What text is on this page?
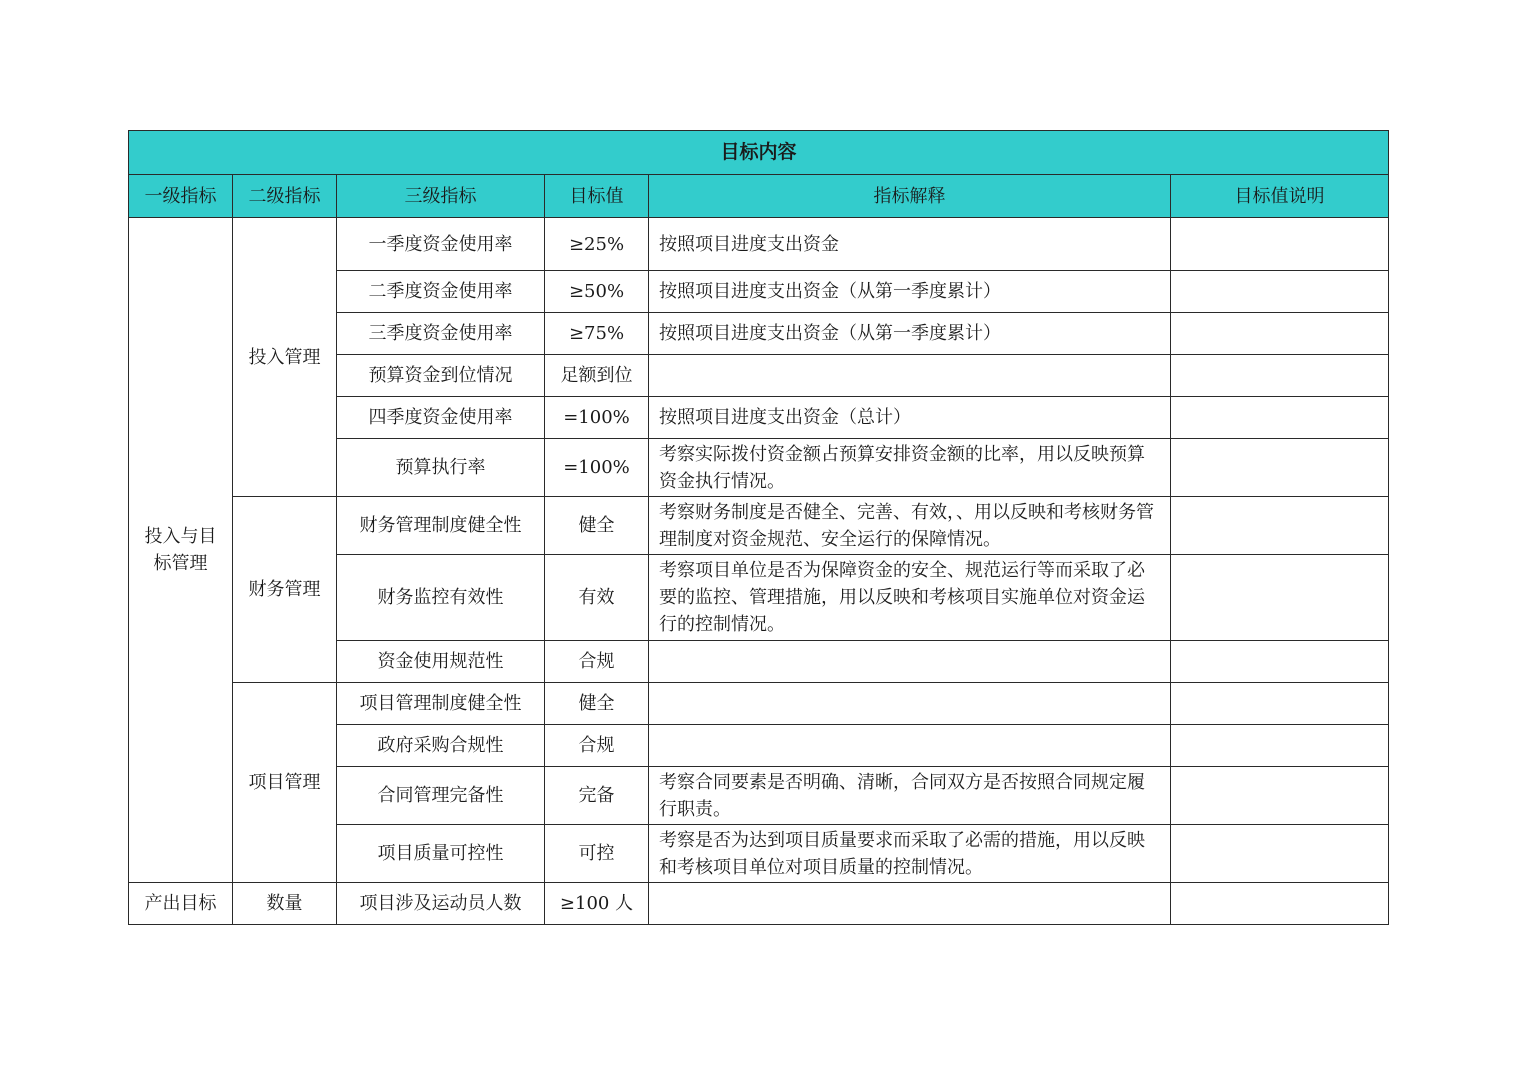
目标内容					
一级指标	二级指标	三级指标	目标值	指标解释	目标值说明
投入与目标管理	投入管理	一季度资金使用率	≥25%	按照项目进度支出资金	
		二季度资金使用率	≥50%	按照项目进度支出资金（从第一季度累计）	
		三季度资金使用率	≥75%	按照项目进度支出资金（从第一季度累计）	
		预算资金到位情况	足额到位		
		四季度资金使用率	=100%	按照项目进度支出资金（总计）	
		预算执行率	=100%	考察实际拨付资金额占预算安排资金额的比率，用以反映预算资金执行情况。	
	财务管理	财务管理制度健全性	健全	考察财务制度是否健全、完善、有效，、用以反映和考核财务管理制度对资金规范、安全运行的保障情况。	
		财务监控有效性	有效	考察项目单位是否为保障资金的安全、规范运行等而采取了必要的监控、管理措施，用以反映和考核项目实施单位对资金运行的控制情况。	
		资金使用规范性	合规		
	项目管理	项目管理制度健全性	健全		
		政府采购合规性	合规		
		合同管理完备性	完备	考察合同要素是否明确、清晰，合同双方是否按照合同规定履行职责。	
		项目质量可控性	可控	考察是否为达到项目质量要求而采取了必需的措施，用以反映和考核项目单位对项目质量的控制情况。	
产出目标	数量	项目涉及运动员人数	≥100 人		
